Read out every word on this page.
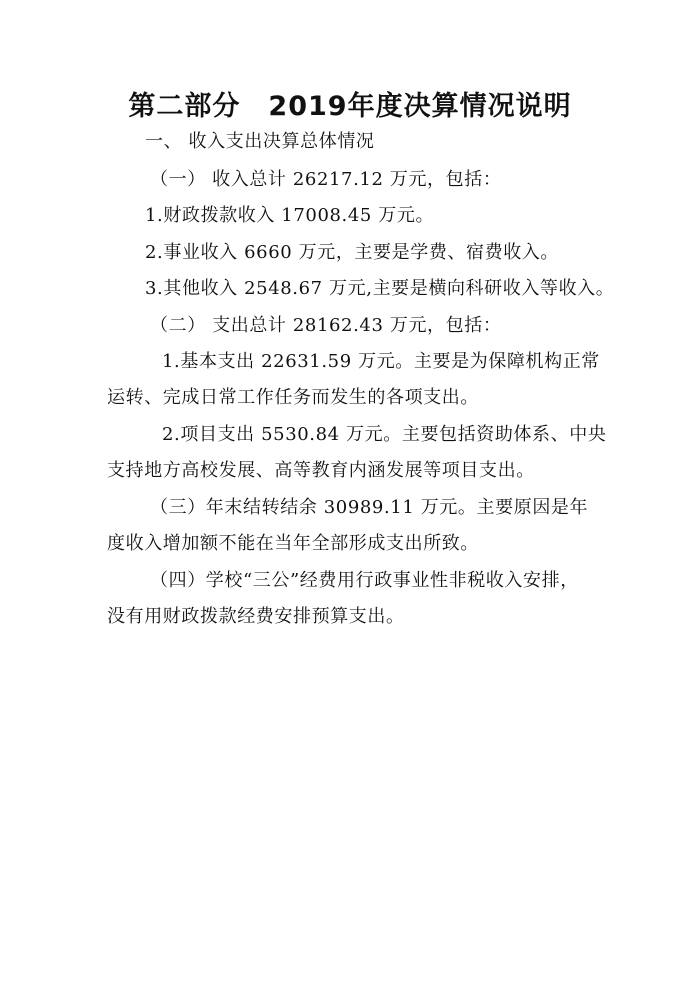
第二部分　2019年度决算情况说明
一、 收入支出决算总体情况
（一） 收入总计 26217.12 万元，包括：
1.财政拨款收入 17008.45 万元。
2.事业收入 6660 万元，主要是学费、宿费收入。
3.其他收入 2548.67 万元,主要是横向科研收入等收入。
（二） 支出总计 28162.43 万元，包括：
1.基本支出 22631.59 万元。主要是为保障机构正常
运转、完成日常工作任务而发生的各项支出。
2.项目支出 5530.84 万元。主要包括资助体系、中央
支持地方高校发展、高等教育内涵发展等项目支出。
（三）年末结转结余 30989.11 万元。主要原因是年
度收入增加额不能在当年全部形成支出所致。
（四）学校“三公”经费用行政事业性非税收入安排，
没有用财政拨款经费安排预算支出。
